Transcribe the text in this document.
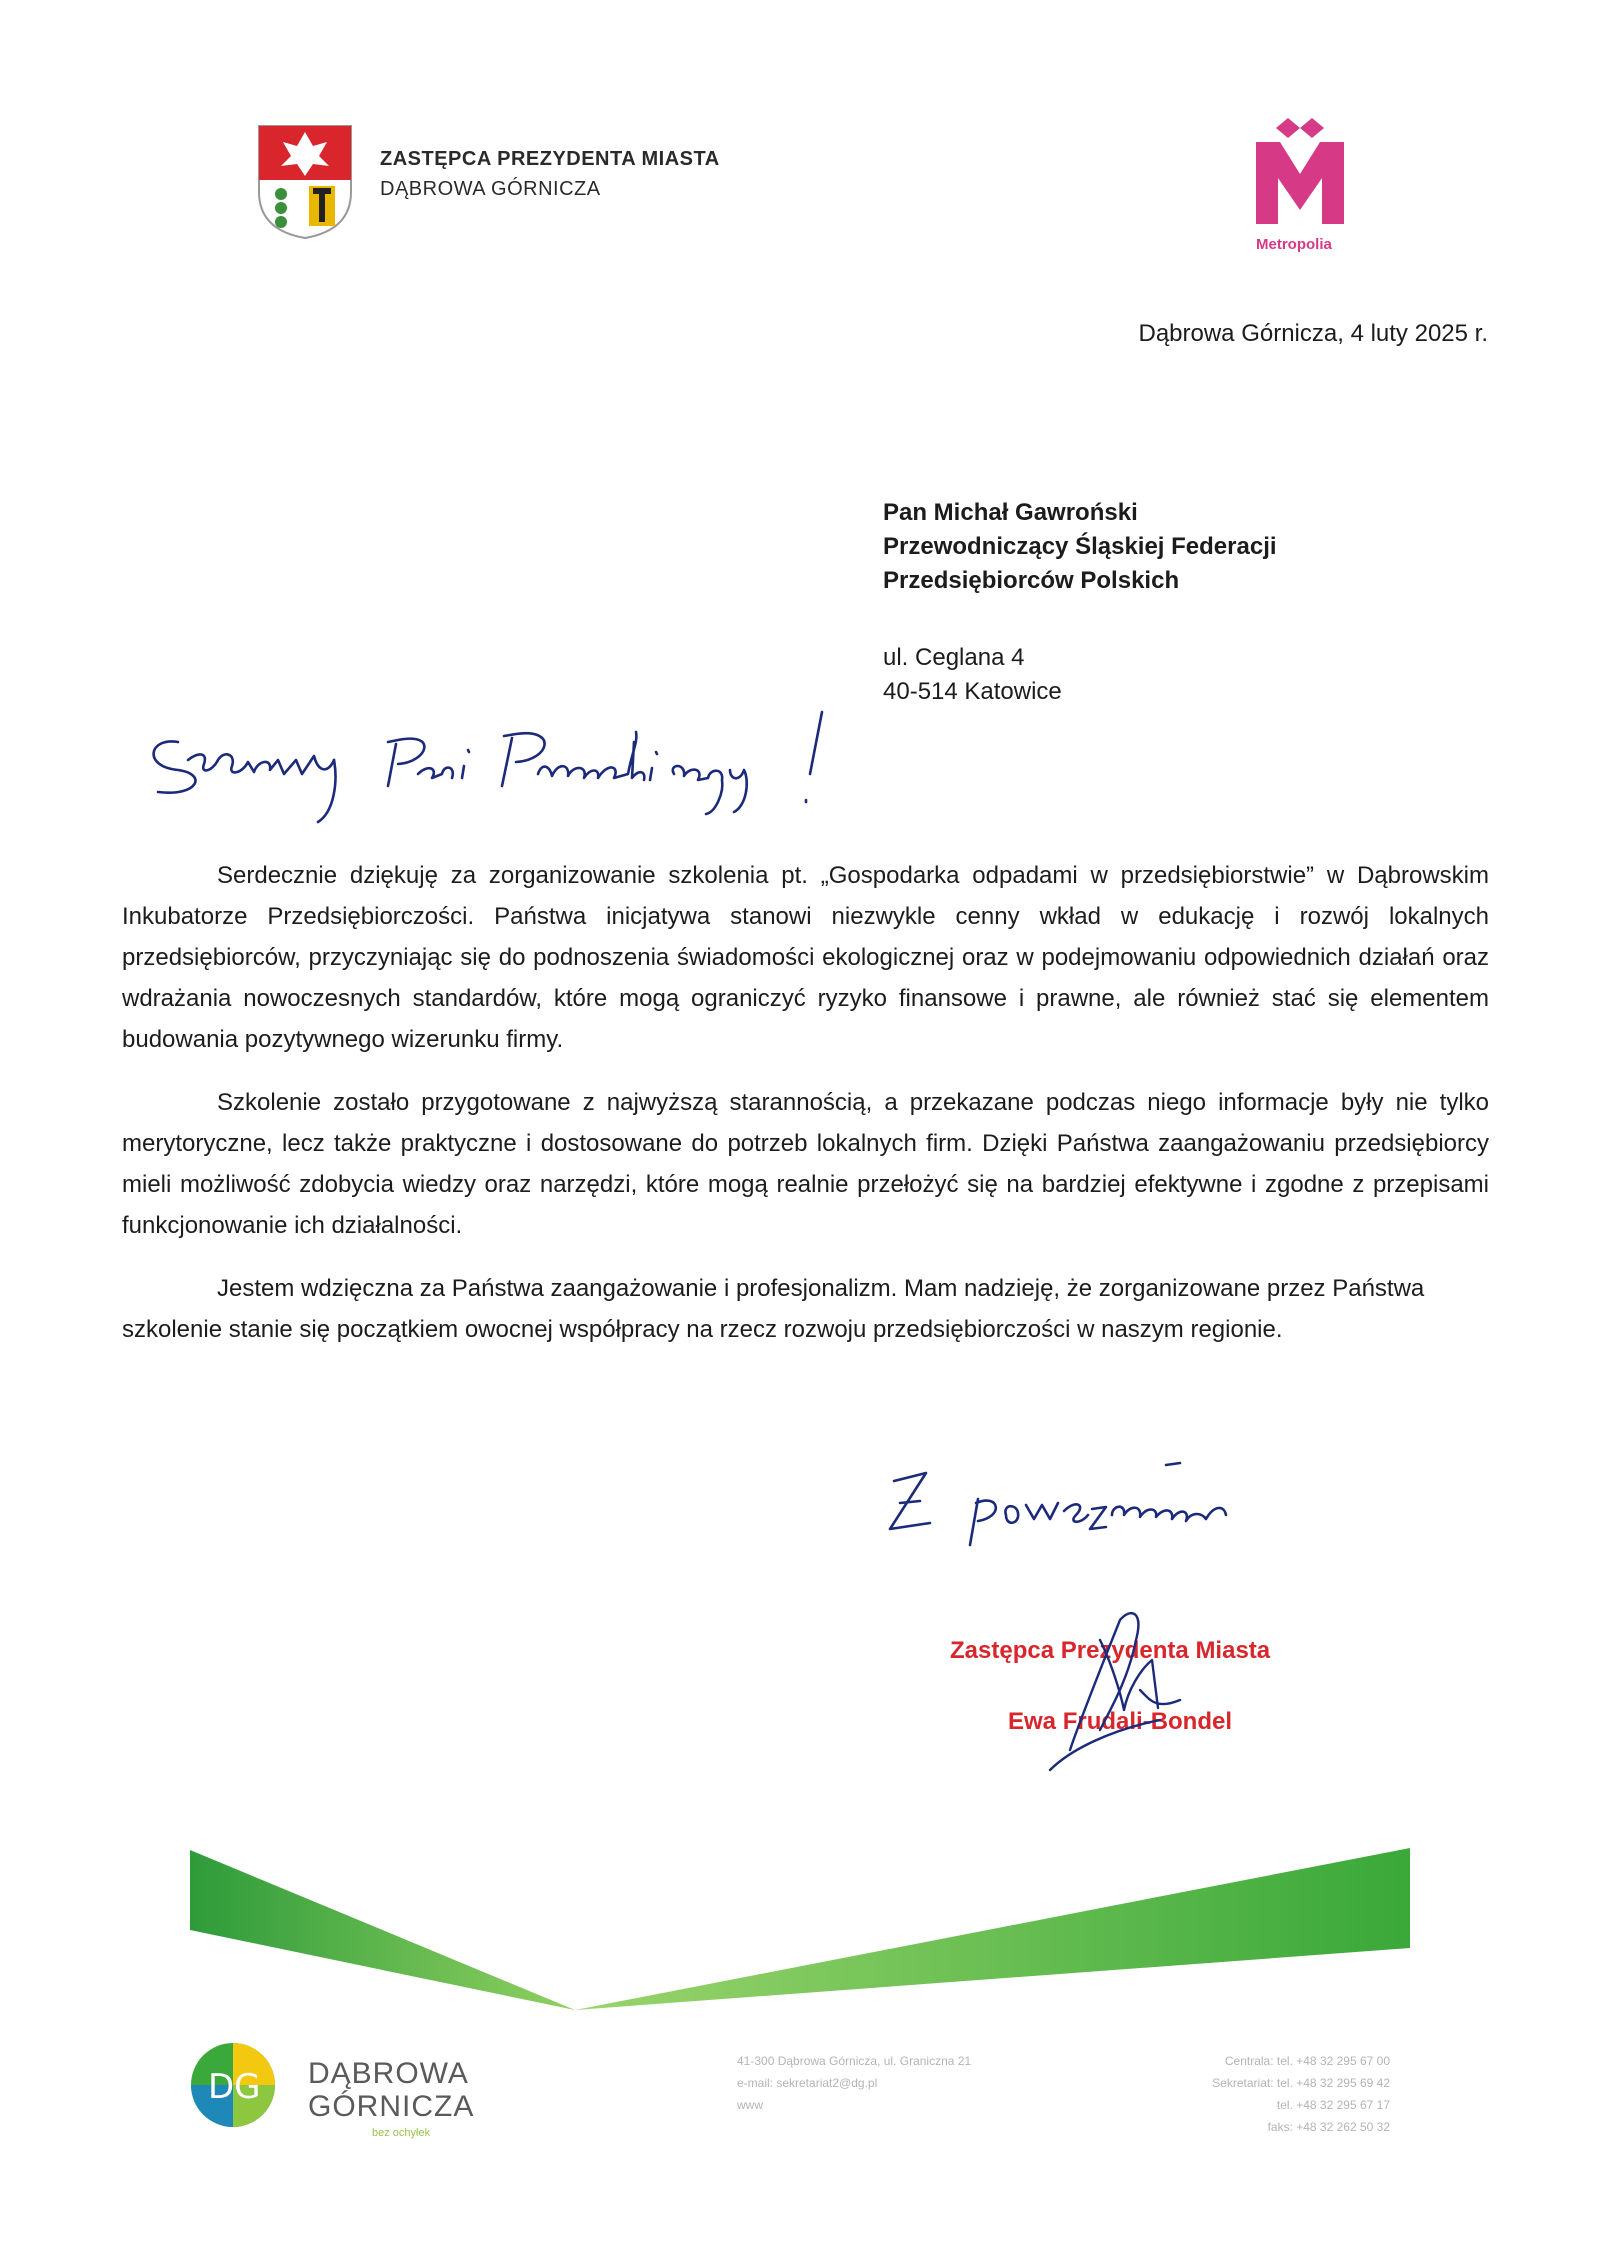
ZASTĘPCA PREZYDENTA MIASTA
DĄBROWA GÓRNICZA
Metropolia
Dąbrowa Górnicza, 4 luty 2025 r.
Pan Michał Gawroński
Przewodniczący Śląskiej Federacji
Przedsiębiorców Polskich
ul. Ceglana 4
40-514 Katowice

Serdecznie dziękuję za zorganizowanie szkolenia pt. „Gospodarka odpadami w przedsiębiorstwie” w Dąbrowskim Inkubatorze Przedsiębiorczości. Państwa inicjatywa stanowi niezwykle cenny wkład w edukację i rozwój lokalnych przedsiębiorców, przyczyniając się do podnoszenia świadomości ekologicznej oraz w podejmowaniu odpowiednich działań oraz wdrażania nowoczesnych standardów, które mogą ograniczyć ryzyko finansowe i prawne, ale również stać się elementem budowania pozytywnego wizerunku firmy.

Szkolenie zostało przygotowane z najwyższą starannością, a przekazane podczas niego informacje były nie tylko merytoryczne, lecz także praktyczne i dostosowane do potrzeb lokalnych firm. Dzięki Państwa zaangażowaniu przedsiębiorcy mieli możliwość zdobycia wiedzy oraz narzędzi, które mogą realnie przełożyć się na bardziej efektywne i zgodne z przepisami funkcjonowanie ich działalności.

Jestem wdzięczna za Państwa zaangażowanie i profesjonalizm. Mam nadzieję, że zorganizowane przez Państwa szkolenie stanie się początkiem owocnej współpracy na rzecz rozwoju przedsiębiorczości w naszym regionie.

Zastępca Prezydenta Miasta
Ewa Frudali-Bondel
DG DĄBROWA
GÓRNICZA
bez ochyłek
41-300 Dąbrowa Górnicza, ul. Graniczna 21
e-mail: sekretariat2@dg.pl
www
Centrala: tel. +48 32 295 67 00
Sekretariat: tel. +48 32 295 69 42
tel. +48 32 295 67 17
faks: +48 32 262 50 32
